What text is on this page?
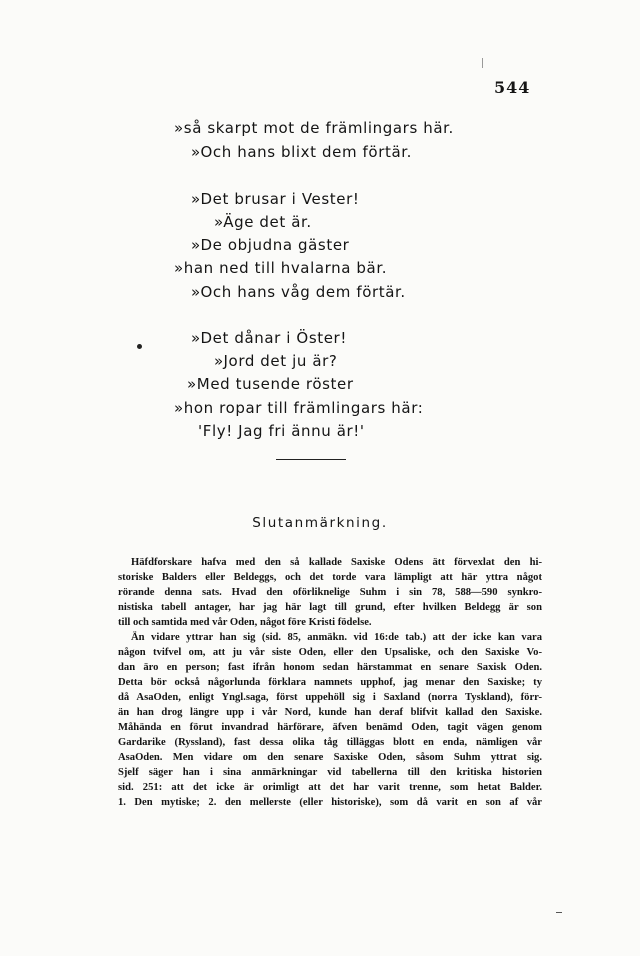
544
»så skarpt mot de främlingars här.
»Och hans blixt dem förtär.
»Det brusar i Vester!
»Äge det är.
»De objudna gäster
»han ned till hvalarna bär.
»Och hans våg dem förtär.
»Det dånar i Öster!
»Jord det ju är?
»Med tusende röster
»hon ropar till främlingars här:
'Fly! Jag fri ännu är!'
Slutanmärkning.
Häfdforskare hafva med den så kallade Saxiske Odens ätt förvexlat den hi-
storiske Balders eller Beldeggs, och det torde vara lämpligt att här yttra något
rörande denna sats. Hvad den oförliknelige Suhm i sin 78, 588—590 synkro-
nistiska tabell antager, har jag här lagt till grund, efter hvilken Beldegg är son
till och samtida med vår Oden, något före Kristi födelse.
Än vidare yttrar han sig (sid. 85, anmäkn. vid 16:de tab.) att der icke kan vara
någon tvifvel om, att ju vår siste Oden, eller den Upsaliske, och den Saxiske Vo-
dan äro en person; fast ifrån honom sedan härstammat en senare Saxisk Oden.
Detta bör också någorlunda förklara namnets upphof, jag menar den Saxiske; ty
då AsaOden, enligt Yngl.saga, först uppehöll sig i Saxland (norra Tyskland), förr-
än han drog längre upp i vår Nord, kunde han deraf blifvit kallad den Saxiske.
Måhända en förut invandrad härförare, äfven benämd Oden, tagit vägen genom
Gardarike (Ryssland), fast dessa olika tåg tilläggas blott en enda, nämligen vår
AsaOden. Men vidare om den senare Saxiske Oden, såsom Suhm yttrat sig.
Sjelf säger han i sina anmärkningar vid tabellerna till den kritiska historien
sid. 251: att det icke är orimligt att det har varit trenne, som hetat Balder.
1. Den mytiske; 2. den mellerste (eller historiske), som då varit en son af vår
